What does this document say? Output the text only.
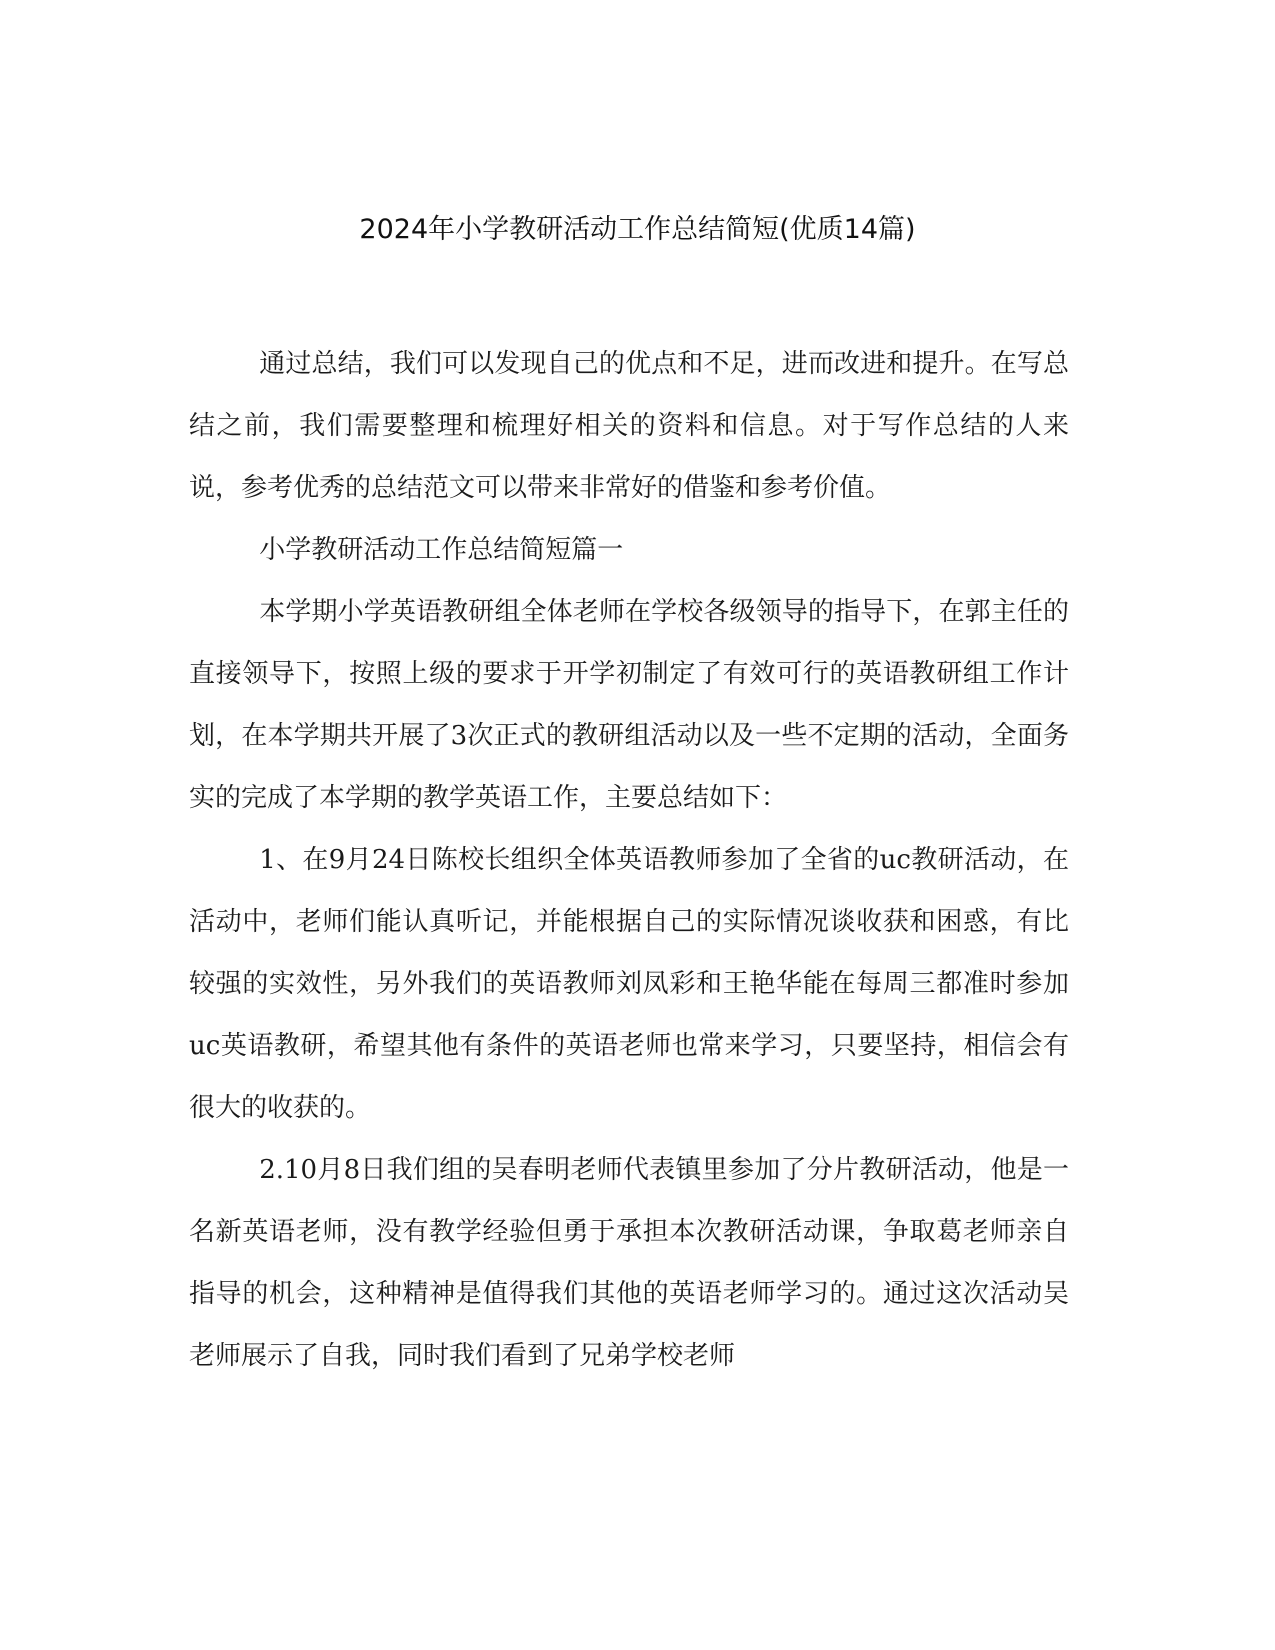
2024年小学教研活动工作总结简短(优质14篇)

通过总结，我们可以发现自己的优点和不足，进而改进和提升。在写总结之前，我们需要整理和梳理好相关的资料和信息。对于写作总结的人来说，参考优秀的总结范文可以带来非常好的借鉴和参考价值。

小学教研活动工作总结简短篇一

本学期小学英语教研组全体老师在学校各级领导的指导下，在郭主任的直接领导下，按照上级的要求于开学初制定了有效可行的英语教研组工作计划，在本学期共开展了3次正式的教研组活动以及一些不定期的活动，全面务实的完成了本学期的教学英语工作，主要总结如下：

1、在9月24日陈校长组织全体英语教师参加了全省的uc教研活动，在活动中，老师们能认真听记，并能根据自己的实际情况谈收获和困惑，有比较强的实效性，另外我们的英语教师刘凤彩和王艳华能在每周三都准时参加uc英语教研，希望其他有条件的英语老师也常来学习，只要坚持，相信会有很大的收获的。

2.10月8日我们组的吴春明老师代表镇里参加了分片教研活动，他是一名新英语老师，没有教学经验但勇于承担本次教研活动课，争取葛老师亲自指导的机会，这种精神是值得我们其他的英语老师学习的。通过这次活动吴老师展示了自我，同时我们看到了兄弟学校老师
